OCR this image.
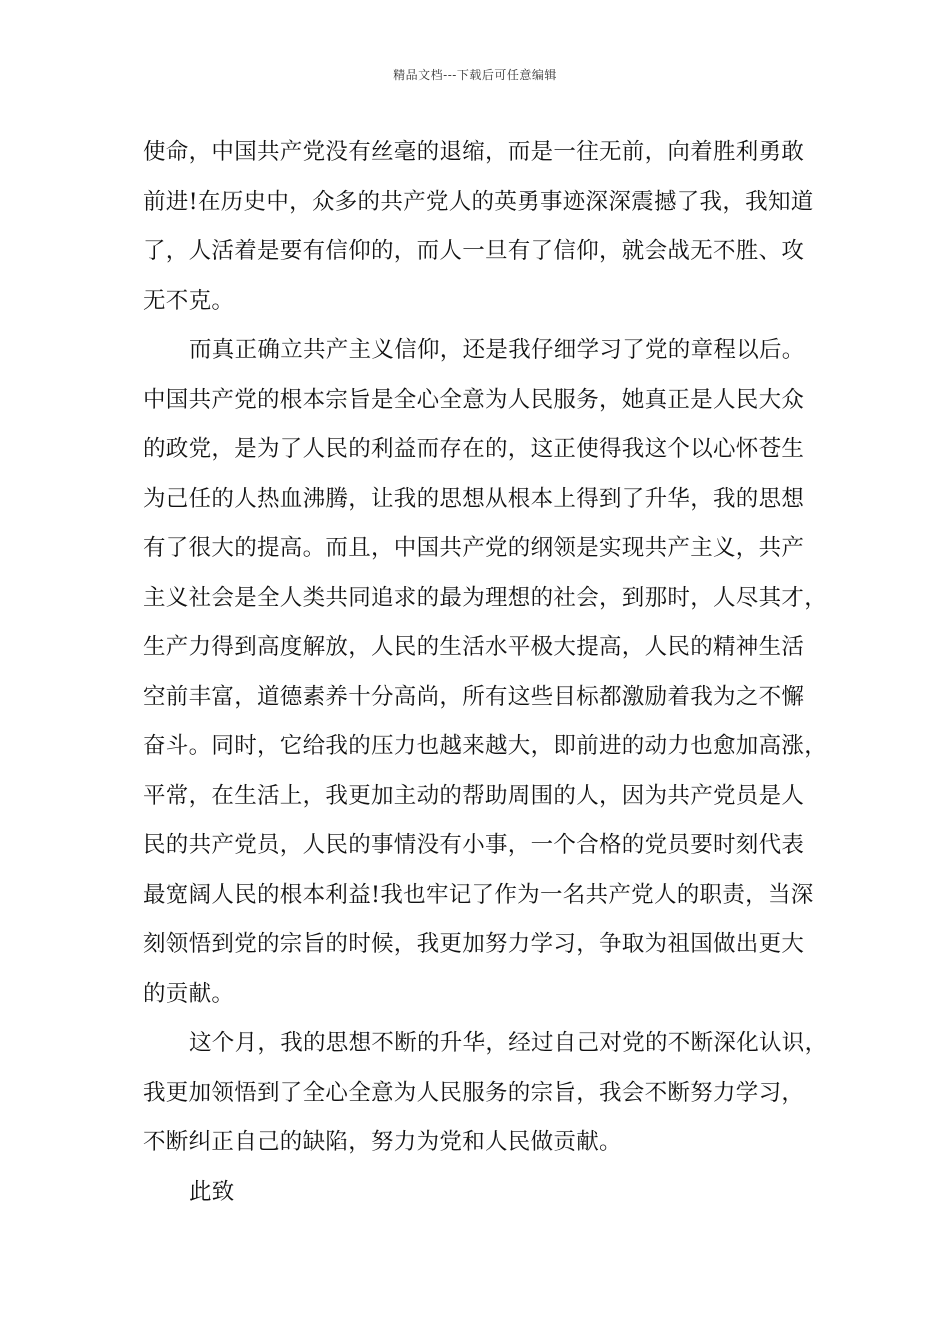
精品文档---下载后可任意编辑
使命，中国共产党没有丝毫的退缩，而是一往无前，向着胜利勇敢
前进!在历史中，众多的共产党人的英勇事迹深深震撼了我，我知道
了，人活着是要有信仰的，而人一旦有了信仰，就会战无不胜、攻
无不克。
而真正确立共产主义信仰，还是我仔细学习了党的章程以后。
中国共产党的根本宗旨是全心全意为人民服务，她真正是人民大众
的政党，是为了人民的利益而存在的，这正使得我这个以心怀苍生
为己任的人热血沸腾，让我的思想从根本上得到了升华，我的思想
有了很大的提高。而且，中国共产党的纲领是实现共产主义，共产
主义社会是全人类共同追求的最为理想的社会，到那时，人尽其才，
生产力得到高度解放，人民的生活水平极大提高，人民的精神生活
空前丰富，道德素养十分高尚，所有这些目标都激励着我为之不懈
奋斗。同时，它给我的压力也越来越大，即前进的动力也愈加高涨，
平常，在生活上，我更加主动的帮助周围的人，因为共产党员是人
民的共产党员，人民的事情没有小事，一个合格的党员要时刻代表
最宽阔人民的根本利益!我也牢记了作为一名共产党人的职责，当深
刻领悟到党的宗旨的时候，我更加努力学习，争取为祖国做出更大
的贡献。
这个月，我的思想不断的升华，经过自己对党的不断深化认识，
我更加领悟到了全心全意为人民服务的宗旨，我会不断努力学习，
不断纠正自己的缺陷，努力为党和人民做贡献。
此致
